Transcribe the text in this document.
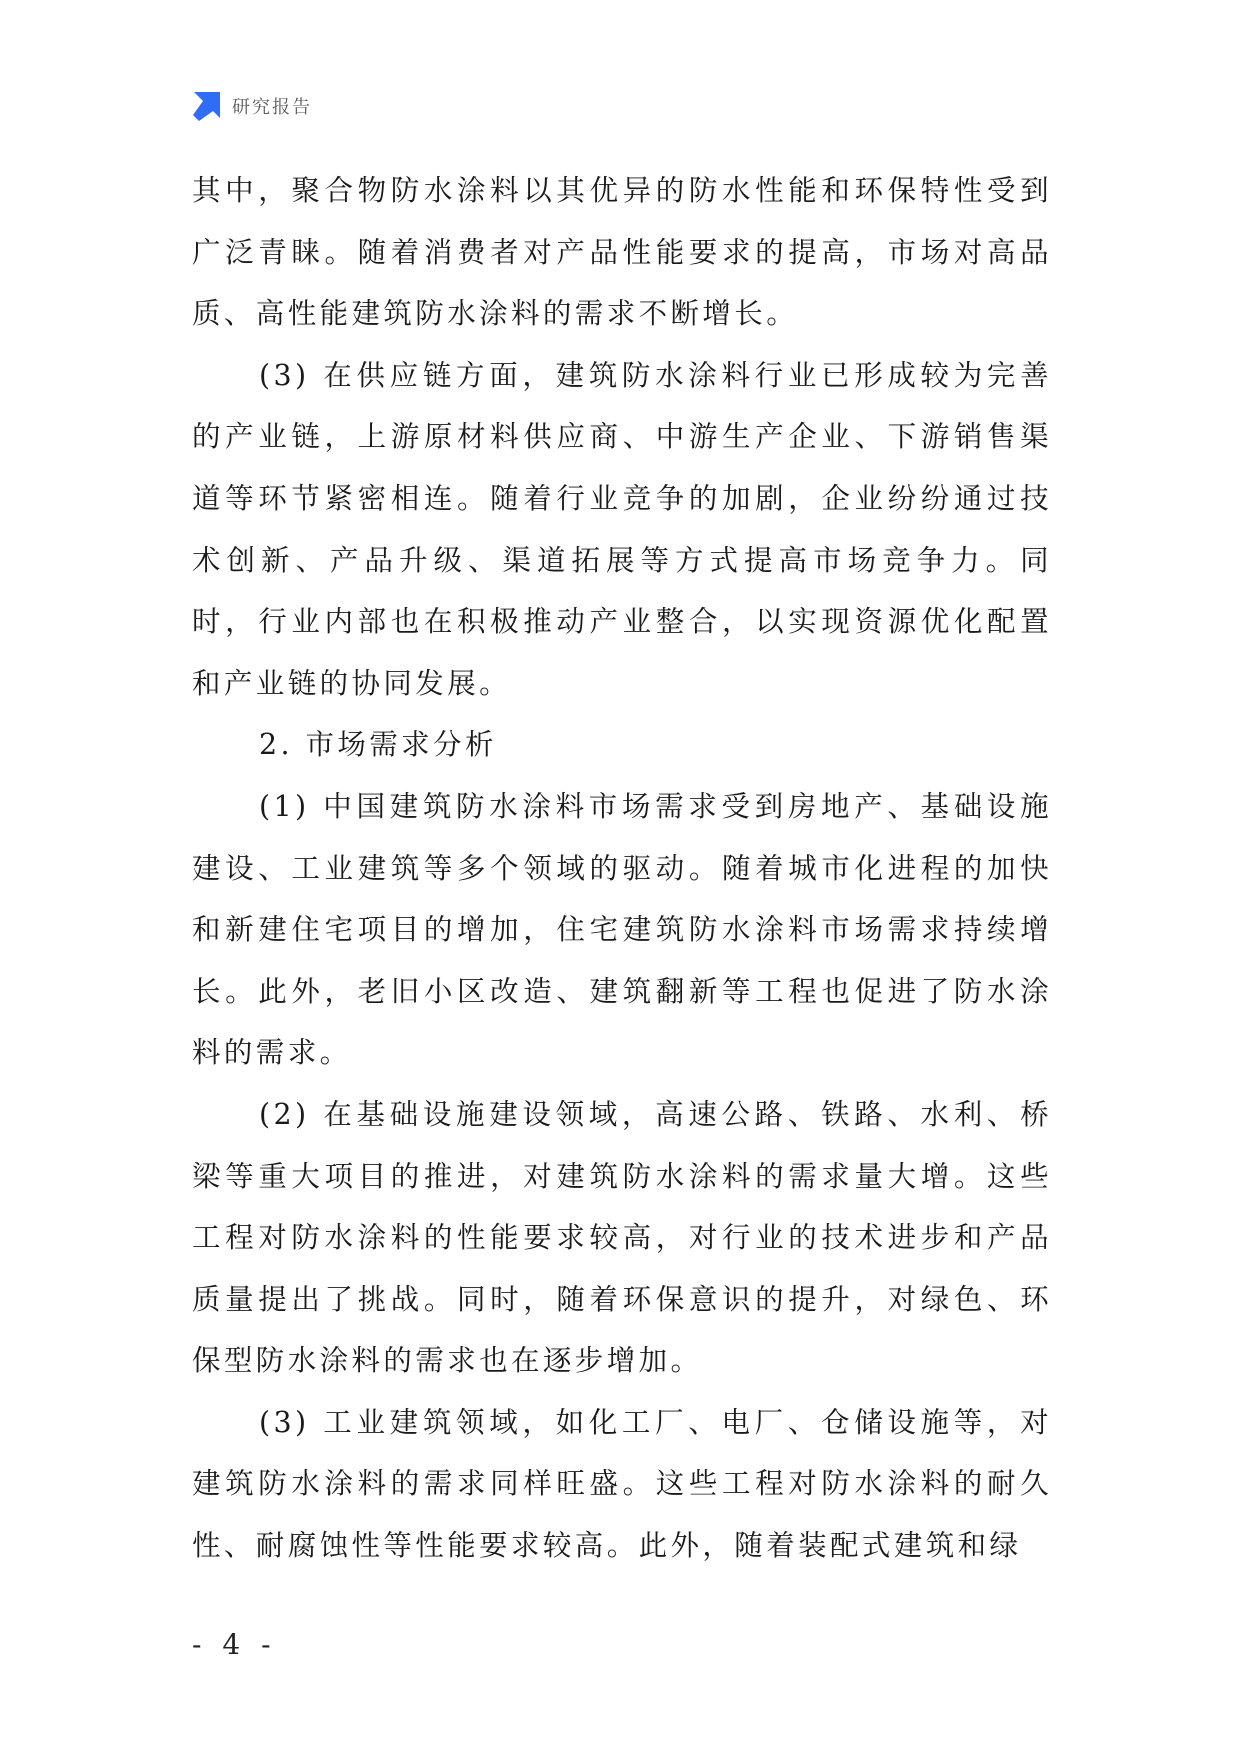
研究报告

其中，聚合物防水涂料以其优异的防水性能和环保特性受到广泛青睐。随着消费者对产品性能要求的提高，市场对高品质、高性能建筑防水涂料的需求不断增长。

(3) 在供应链方面，建筑防水涂料行业已形成较为完善的产业链，上游原材料供应商、中游生产企业、下游销售渠道等环节紧密相连。随着行业竞争的加剧，企业纷纷通过技术创新、产品升级、渠道拓展等方式提高市场竞争力。同时，行业内部也在积极推动产业整合，以实现资源优化配置和产业链的协同发展。

2. 市场需求分析

(1) 中国建筑防水涂料市场需求受到房地产、基础设施建设、工业建筑等多个领域的驱动。随着城市化进程的加快和新建住宅项目的增加，住宅建筑防水涂料市场需求持续增长。此外，老旧小区改造、建筑翻新等工程也促进了防水涂料的需求。

(2) 在基础设施建设领域，高速公路、铁路、水利、桥梁等重大项目的推进，对建筑防水涂料的需求量大增。这些工程对防水涂料的性能要求较高，对行业的技术进步和产品质量提出了挑战。同时，随着环保意识的提升，对绿色、环保型防水涂料的需求也在逐步增加。

(3) 工业建筑领域，如化工厂、电厂、仓储设施等，对建筑防水涂料的需求同样旺盛。这些工程对防水涂料的耐久性、耐腐蚀性等性能要求较高。此外，随着装配式建筑和绿

- 4 -
